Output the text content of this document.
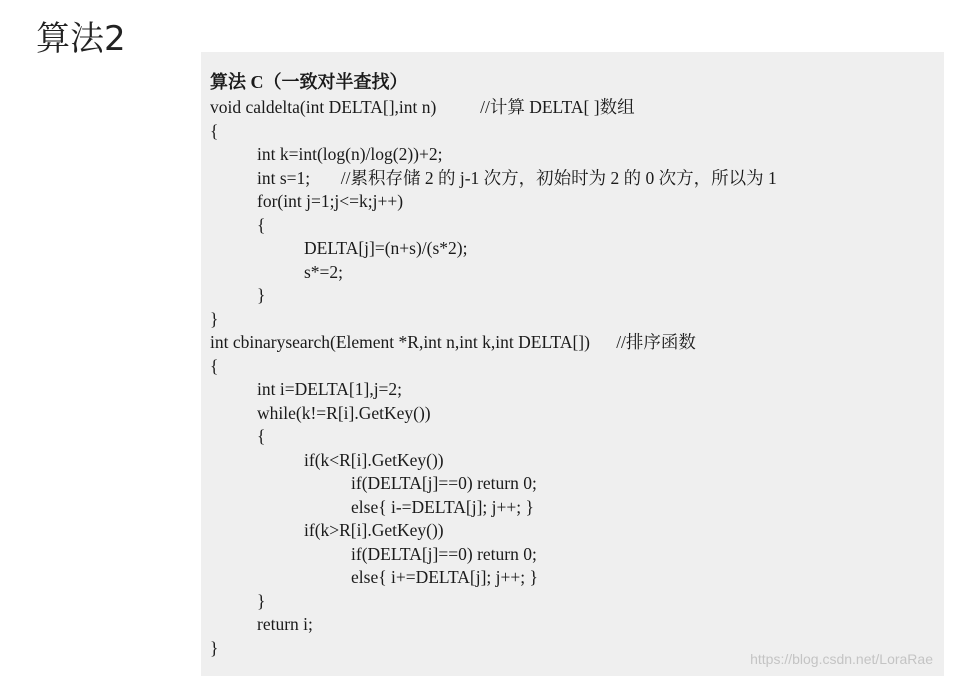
算法2
算法 C（一致对半查找）
void caldelta(int DELTA[],int n)          //计算 DELTA[ ]数组
{
int k=int(log(n)/log(2))+2;
int s=1;       //累积存储 2 的 j-1 次方，初始时为 2 的 0 次方，所以为 1
for(int j=1;j<=k;j++)
{
DELTA[j]=(n+s)/(s*2);
s*=2;
}
}
int cbinarysearch(Element *R,int n,int k,int DELTA[])      //排序函数
{
int i=DELTA[1],j=2;
while(k!=R[i].GetKey())
{
if(k<R[i].GetKey())
if(DELTA[j]==0) return 0;
else{ i-=DELTA[j]; j++; }
if(k>R[i].GetKey())
if(DELTA[j]==0) return 0;
else{ i+=DELTA[j]; j++; }
}
return i;
}
https://blog.csdn.net/LoraRae
